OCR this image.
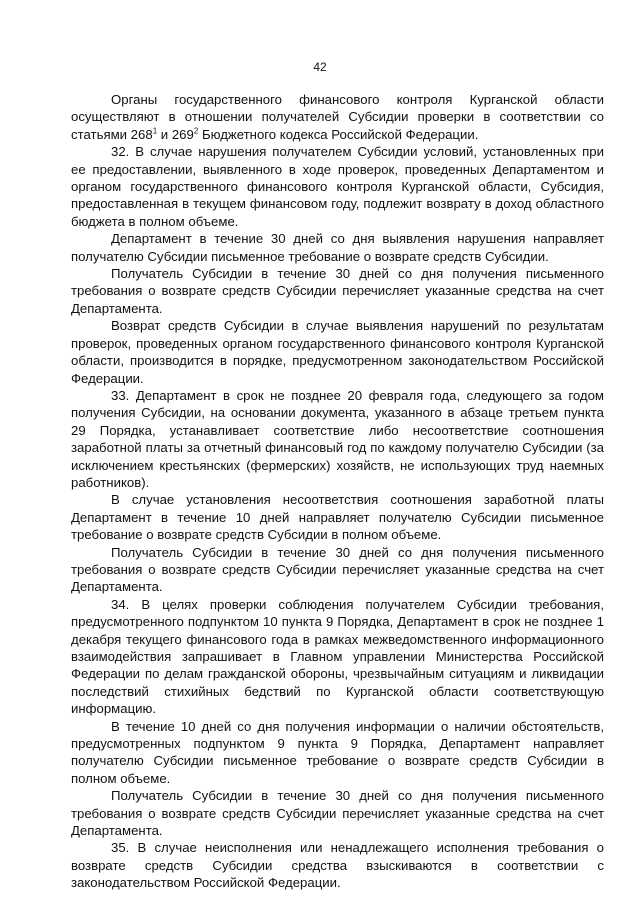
42

Органы государственного финансового контроля Курганской области осуществляют в отношении получателей Субсидии проверки в соответствии со статьями $268^1$ и $269^2$ Бюджетного кодекса Российской Федерации.

32. В случае нарушения получателем Субсидии условий, установленных при ее предоставлении, выявленного в ходе проверок, проведенных Департаментом и органом государственного финансового контроля Курганской области, Субсидия, предоставленная в текущем финансовом году, подлежит возврату в доход областного бюджета в полном объеме.

Департамент в течение 30 дней со дня выявления нарушения направляет получателю Субсидии письменное требование о возврате средств Субсидии.

Получатель Субсидии в течение 30 дней со дня получения письменного требования о возврате средств Субсидии перечисляет указанные средства на счет Департамента.

Возврат средств Субсидии в случае выявления нарушений по результатам проверок, проведенных органом государственного финансового контроля Курганской области, производится в порядке, предусмотренном законодательством Российской Федерации.

33. Департамент в срок не позднее 20 февраля года, следующего за годом получения Субсидии, на основании документа, указанного в абзаце третьем пункта 29 Порядка, устанавливает соответствие либо несоответствие соотношения заработной платы за отчетный финансовый год по каждому получателю Субсидии (за исключением крестьянских (фермерских) хозяйств, не использующих труд наемных работников).

В случае установления несоответствия соотношения заработной платы Департамент в течение 10 дней направляет получателю Субсидии письменное требование о возврате средств Субсидии в полном объеме.

Получатель Субсидии в течение 30 дней со дня получения письменного требования о возврате средств Субсидии перечисляет указанные средства на счет Департамента.

34. В целях проверки соблюдения получателем Субсидии требования, предусмотренного подпунктом 10 пункта 9 Порядка, Департамент в срок не позднее 1 декабря текущего финансового года в рамках межведомственного информационного взаимодействия запрашивает в Главном управлении Министерства Российской Федерации по делам гражданской обороны, чрезвычайным ситуациям и ликвидации последствий стихийных бедствий по Курганской области соответствующую информацию.

В течение 10 дней со дня получения информации о наличии обстоятельств, предусмотренных подпунктом 9 пункта 9 Порядка, Департамент направляет получателю Субсидии письменное требование о возврате средств Субсидии в полном объеме.

Получатель Субсидии в течение 30 дней со дня получения письменного требования о возврате средств Субсидии перечисляет указанные средства на счет Департамента.

35. В случае неисполнения или ненадлежащего исполнения требования о возврате средств Субсидии средства взыскиваются в соответствии с законодательством Российской Федерации.
